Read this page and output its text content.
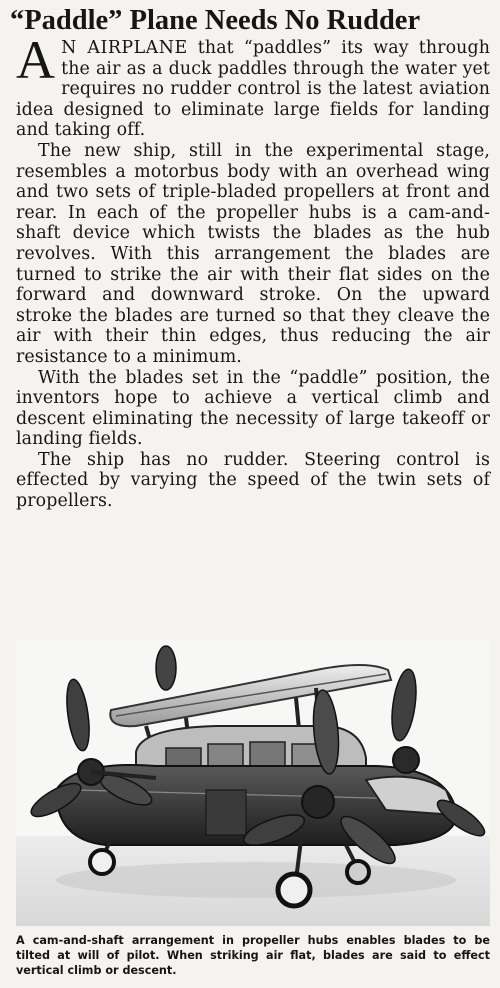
“Paddle” Plane Needs No Rudder

A N AIRPLANE that “paddles” its way through the air as a duck paddles through the water yet requires no rudder control is the latest aviation idea designed to eliminate large fields for landing and taking off.

The new ship, still in the experimental stage, resembles a motorbus body with an overhead wing and two sets of triple-bladed propellers at front and rear. In each of the propeller hubs is a cam-and-shaft device which twists the blades as the hub revolves. With this arrangement the blades are turned to strike the air with their flat sides on the forward and downward stroke. On the upward stroke the blades are turned so that they cleave the air with their thin edges, thus reducing the air resistance to a minimum.

With the blades set in the “paddle” position, the inventors hope to achieve a vertical climb and descent eliminating the necessity of large takeoff or landing fields.

The ship has no rudder. Steering control is effected by varying the speed of the twin sets of propellers.

A cam-and-shaft arrangement in propeller hubs enables blades to be tilted at will of pilot. When striking air flat, blades are said to effect vertical climb or descent.
